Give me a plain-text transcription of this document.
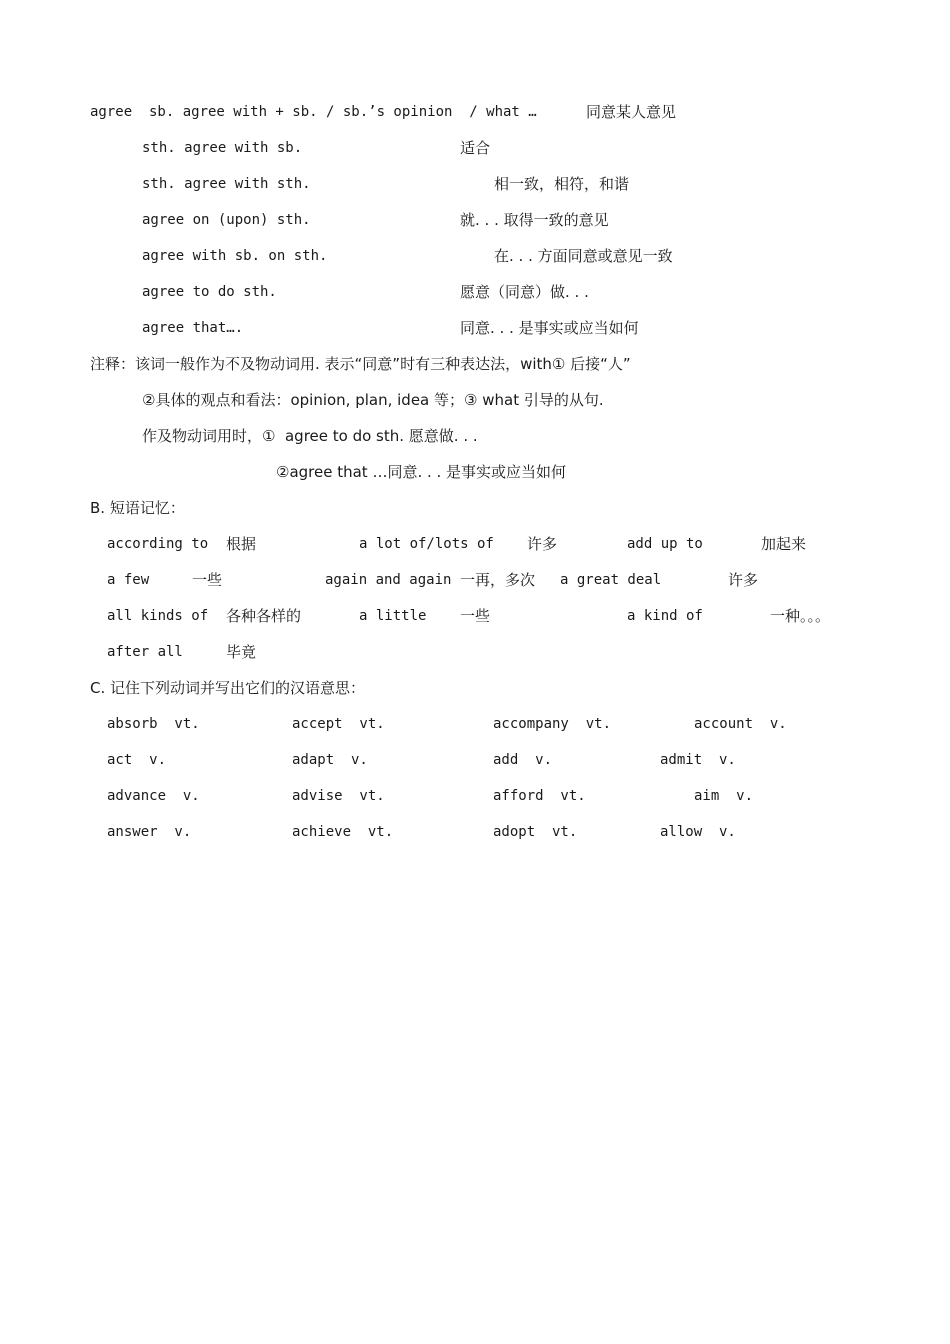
agree  sb. agree with + sb. / sb.’s opinion  / what …	同意某人意见
sth. agree with sb.	适合
sth. agree with sth.	相一致，相符，和谐
agree on (upon) sth.	就. . . 取得一致的意见
agree with sb. on sth.	在. . . 方面同意或意见一致
agree to do sth.	愿意（同意）做. . .
agree that….	同意. . . 是事实或应当如何
注释：该词一般作为不及物动词用. 表示“同意”时有三种表达法，with① 后接“人”
②具体的观点和看法：opinion, plan, idea 等；③ what 引导的从句.
作及物动词用时，①  agree to do sth. 愿意做. . .
②agree that …同意. . . 是事实或应当如何
B. 短语记忆：
according to 根据	a lot of/lots of 许多	add up to	加起来
a few	一些	again and again 一再，多次 a great deal	许多
all kinds of 各种各样的	a little 一些	a kind of	一种。。。
after all	毕竟
C. 记住下列动词并写出它们的汉语意思：
absorb  vt.	accept  vt.	accompany  vt.	account  v.
act  v.	adapt  v.	add  v.	admit  v.
advance  v.	advise  vt.	afford  vt.	aim  v.
answer  v.	achieve  vt.	adopt  vt.	allow  v.
